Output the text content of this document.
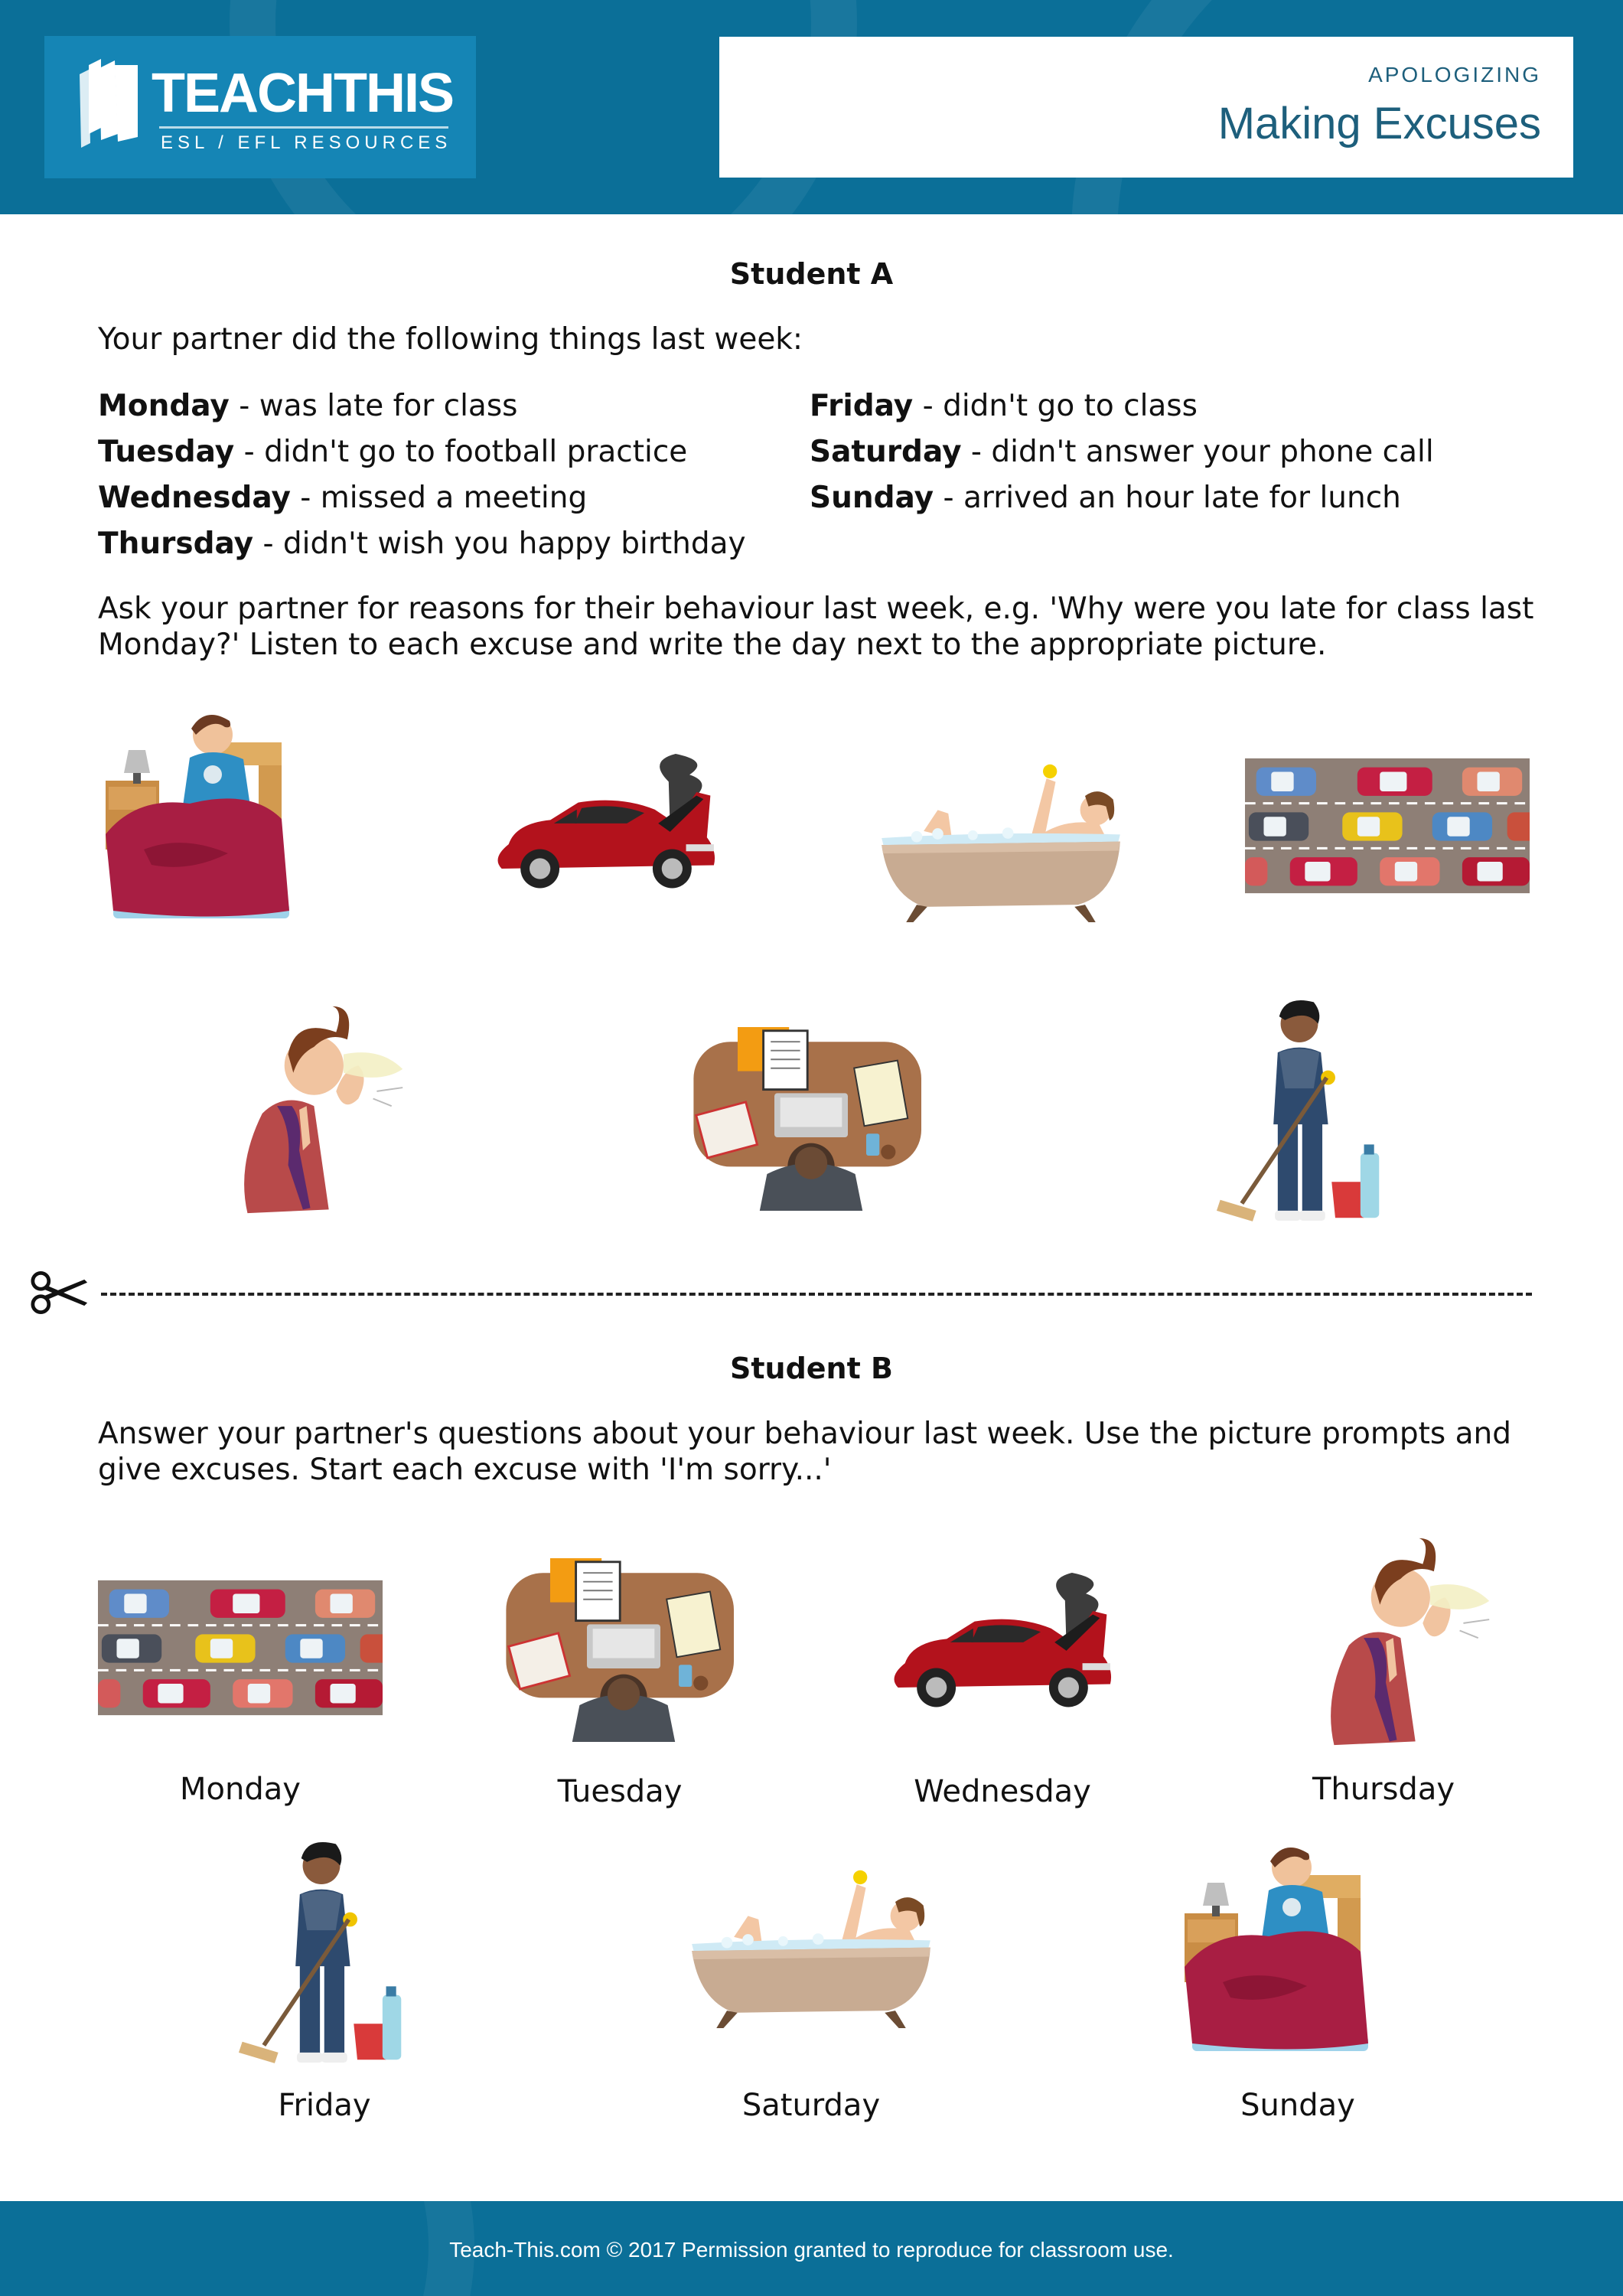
TEACHTHIS
ESL / EFL RESOURCES
APOLOGIZING
Making Excuses
Student A
Your partner did the following things last week:
Monday - was late for class
Tuesday - didn't go to football practice
Wednesday - missed a meeting
Thursday - didn't wish you happy birthday
Friday - didn't go to class
Saturday - didn't answer your phone call
Sunday - arrived an hour late for lunch
Ask your partner for reasons for their behaviour last week, e.g. 'Why were you late for class last
Monday?' Listen to each excuse and write the day next to the appropriate picture.
Student B
Answer your partner's questions about your behaviour last week. Use the picture prompts and
give excuses. Start each excuse with 'I'm sorry...'
Monday	Tuesday	Wednesday	Thursday
Friday	Saturday	Sunday
Teach-This.com © 2017 Permission granted to reproduce for classroom use.
